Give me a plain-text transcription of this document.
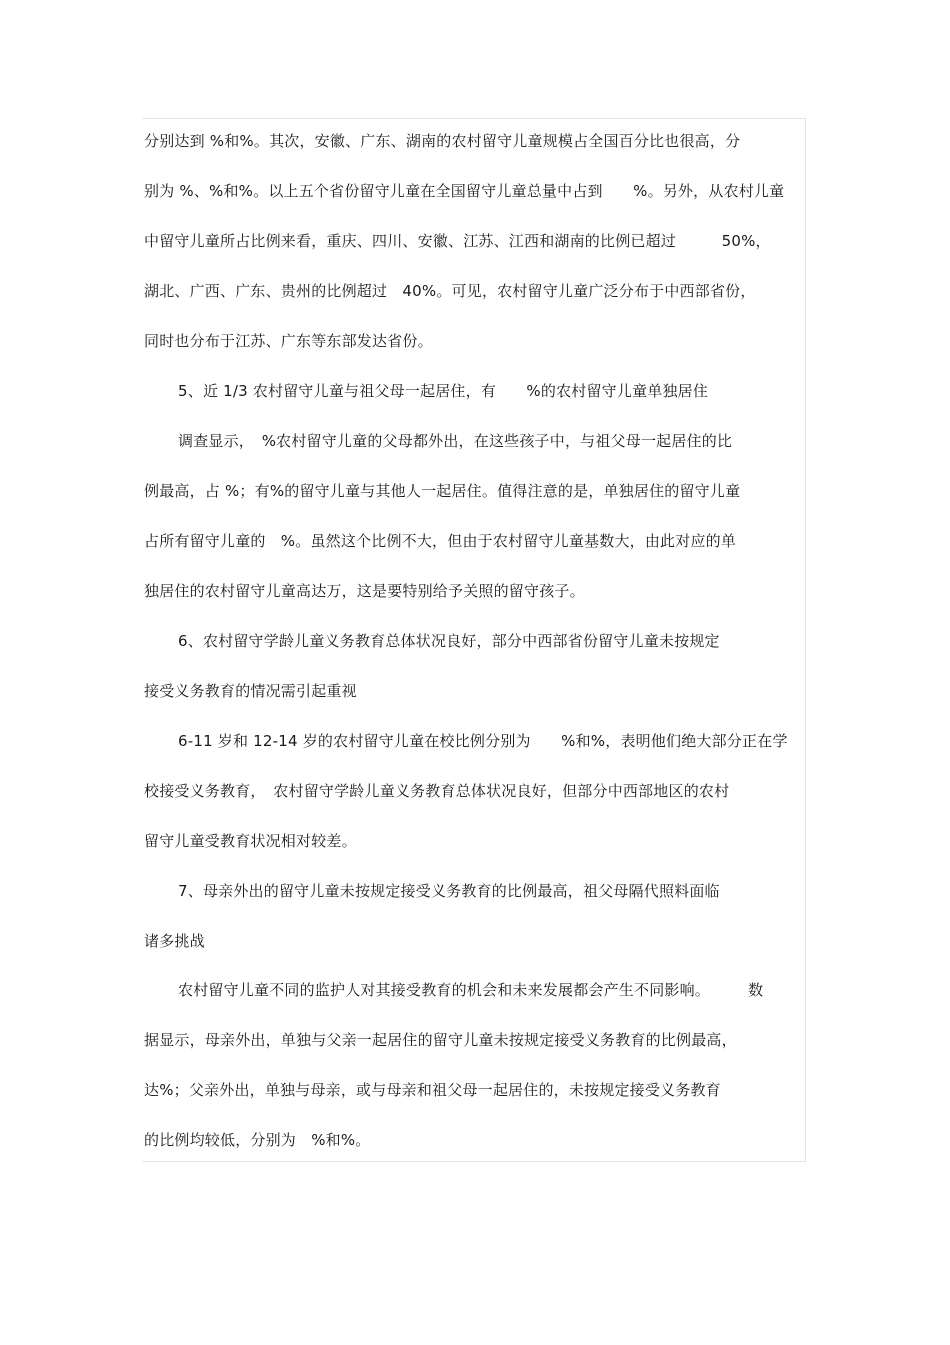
分别达到 %和%。其次，安徽、广东、湖南的农村留守儿童规模占全国百分比也很高，分
别为 %、%和%。以上五个省份留守儿童在全国留守儿童总量中占到　　%。另外，从农村儿童
中留守儿童所占比例来看，重庆、四川、安徽、江苏、江西和湖南的比例已超过　　　50%，
湖北、广西、广东、贵州的比例超过　40%。可见，农村留守儿童广泛分布于中西部省份，
同时也分布于江苏、广东等东部发达省份。
5、近 1/3 农村留守儿童与祖父母一起居住，有　　%的农村留守儿童单独居住
调查显示，　%农村留守儿童的父母都外出，在这些孩子中，与祖父母一起居住的比
例最高，占 %；有%的留守儿童与其他人一起居住。值得注意的是，单独居住的留守儿童
占所有留守儿童的　%。虽然这个比例不大，但由于农村留守儿童基数大，由此对应的单
独居住的农村留守儿童高达万，这是要特别给予关照的留守孩子。
6、农村留守学龄儿童义务教育总体状况良好，部分中西部省份留守儿童未按规定
接受义务教育的情况需引起重视
6-11 岁和 12-14 岁的农村留守儿童在校比例分别为　　%和%，表明他们绝大部分正在学
校接受义务教育，　农村留守学龄儿童义务教育总体状况良好，但部分中西部地区的农村
留守儿童受教育状况相对较差。
7、母亲外出的留守儿童未按规定接受义务教育的比例最高，祖父母隔代照料面临
诸多挑战
农村留守儿童不同的监护人对其接受教育的机会和未来发展都会产生不同影响。　　　数
据显示，母亲外出，单独与父亲一起居住的留守儿童未按规定接受义务教育的比例最高，
达%；父亲外出，单独与母亲，或与母亲和祖父母一起居住的，未按规定接受义务教育
的比例均较低，分别为　%和%。
